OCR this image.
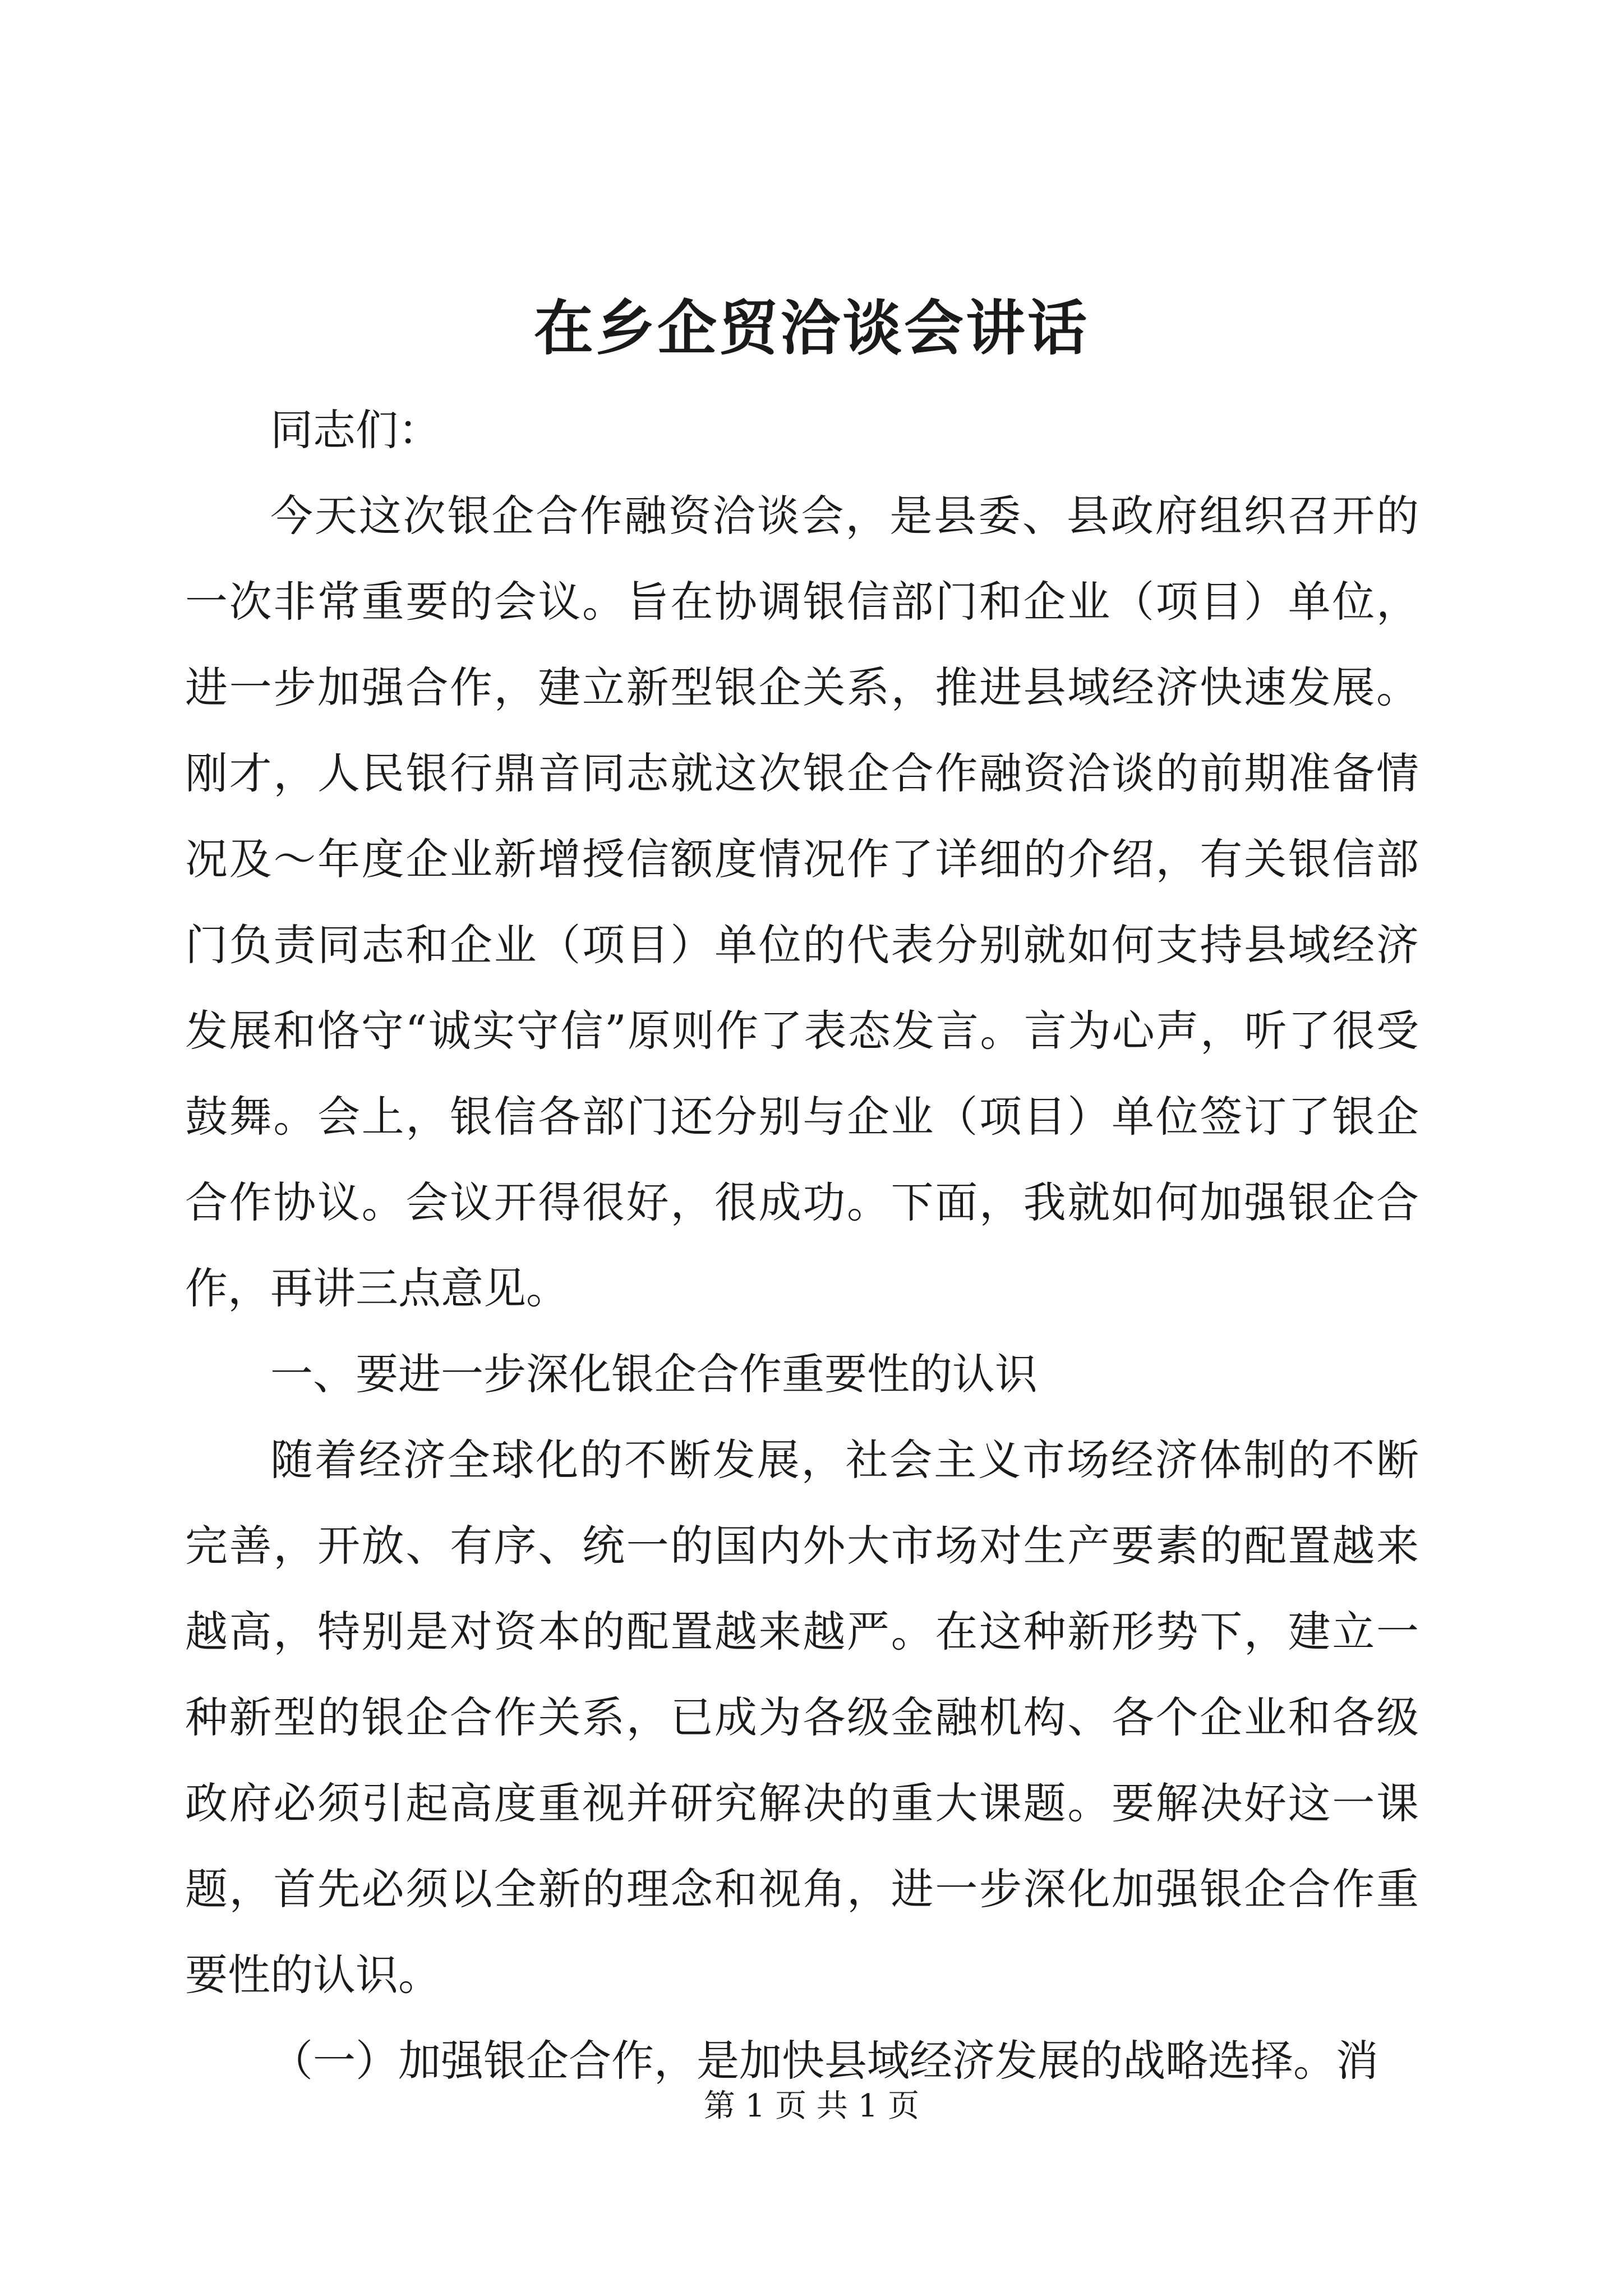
在乡企贸洽谈会讲话

同志们：

今天这次银企合作融资洽谈会，是县委、县政府组织召开的一次非常重要的会议。旨在协调银信部门和企业（项目）单位，进一步加强合作，建立新型银企关系，推进县域经济快速发展。刚才，人民银行鼎音同志就这次银企合作融资洽谈的前期准备情况及～年度企业新增授信额度情况作了详细的介绍，有关银信部门负责同志和企业（项目）单位的代表分别就如何支持县域经济发展和恪守“诚实守信”原则作了表态发言。言为心声，听了很受鼓舞。会上，银信各部门还分别与企业（项目）单位签订了银企合作协议。会议开得很好，很成功。下面，我就如何加强银企合作，再讲三点意见。

一、要进一步深化银企合作重要性的认识

随着经济全球化的不断发展，社会主义市场经济体制的不断完善，开放、有序、统一的国内外大市场对生产要素的配置越来越高，特别是对资本的配置越来越严。在这种新形势下，建立一种新型的银企合作关系，已成为各级金融机构、各个企业和各级政府必须引起高度重视并研究解决的重大课题。要解决好这一课题，首先必须以全新的理念和视角，进一步深化加强银企合作重要性的认识。

（一）加强银企合作，是加快县域经济发展的战略选择。消

第 1 页 共 1 页
